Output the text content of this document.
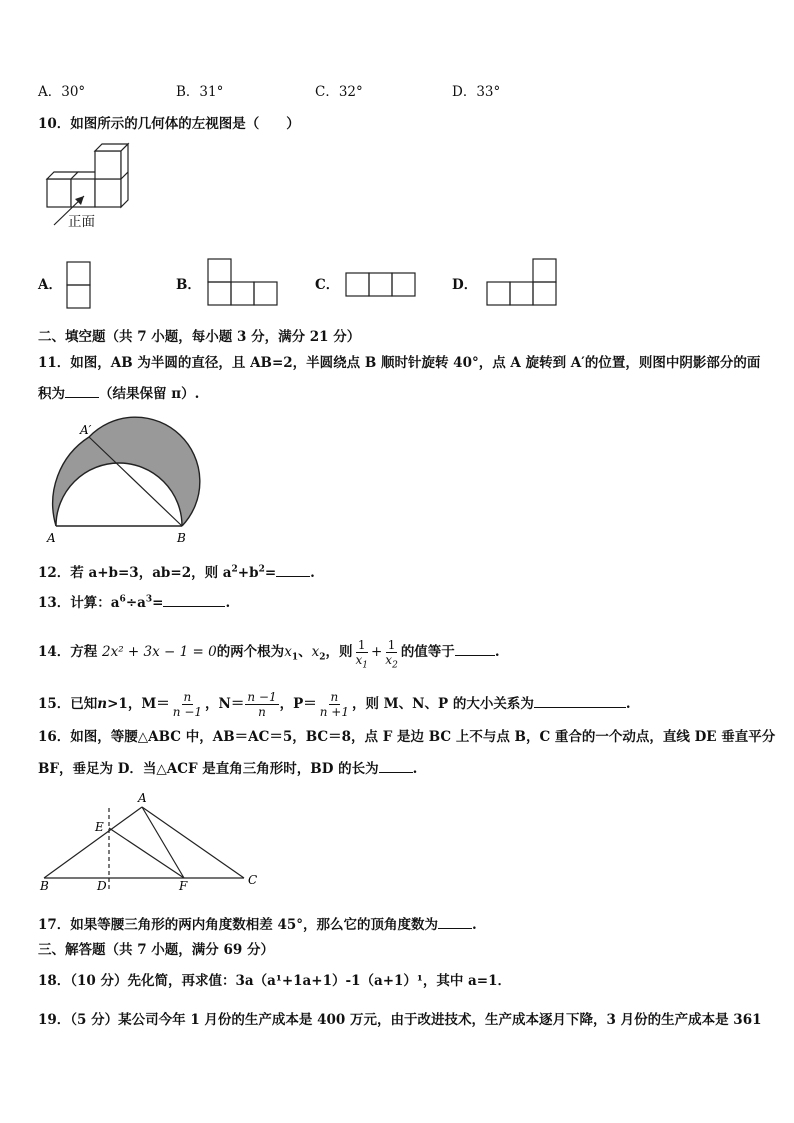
A．30°	B．31°	C．32°	D．33°
10．如图所示的几何体的左视图是（　　）
正面
A．	B．	C．	D．
二、填空题（共 7 小题，每小题 3 分，满分 21 分）
11．如图，AB 为半圆的直径，且 AB=2，半圆绕点 B 顺时针旋转 40°，点 A 旋转到 A′的位置，则图中阴影部分的面
积为	（结果保留 π）.
A′
A	B
12．若 a+b=3，ab=2，则 $a^2+b^2=$	.
13．计算：$a^6\div a^3=$	.
14．方程 2x² + 3x − 1 = 0的两个根为$x_1$、$x_2$，则 $\frac{1}{x_1} + \frac{1}{x_2}$ 的值等于	.
15．已知n>1，$M= \frac{n}{n -1}$ ，$N= \frac{n -1}{n}$ ，$P= \frac{n}{n +1}$ ，则 M、N、P 的大小关系为	.
16．如图，等腰△ABC 中，AB＝AC＝5，BC＝8，点 F 是边 BC 上不与点 B，C 重合的一个动点，直线 DE 垂直平分
BF，垂足为 D．当△ACF 是直角三角形时，BD 的长为	.
A
E
B	D	F	C
17．如果等腰三角形的两内角度数相差 45°，那么它的顶角度数为	.
三、解答题（共 7 小题，满分 69 分）
18．（10 分）先化简，再求值：3a（a¹+1a+1）-1（a+1）¹，其中 a=1．
19．（5 分）某公司今年 1 月份的生产成本是 400 万元，由于改进技术，生产成本逐月下降，3 月份的生产成本是 361
